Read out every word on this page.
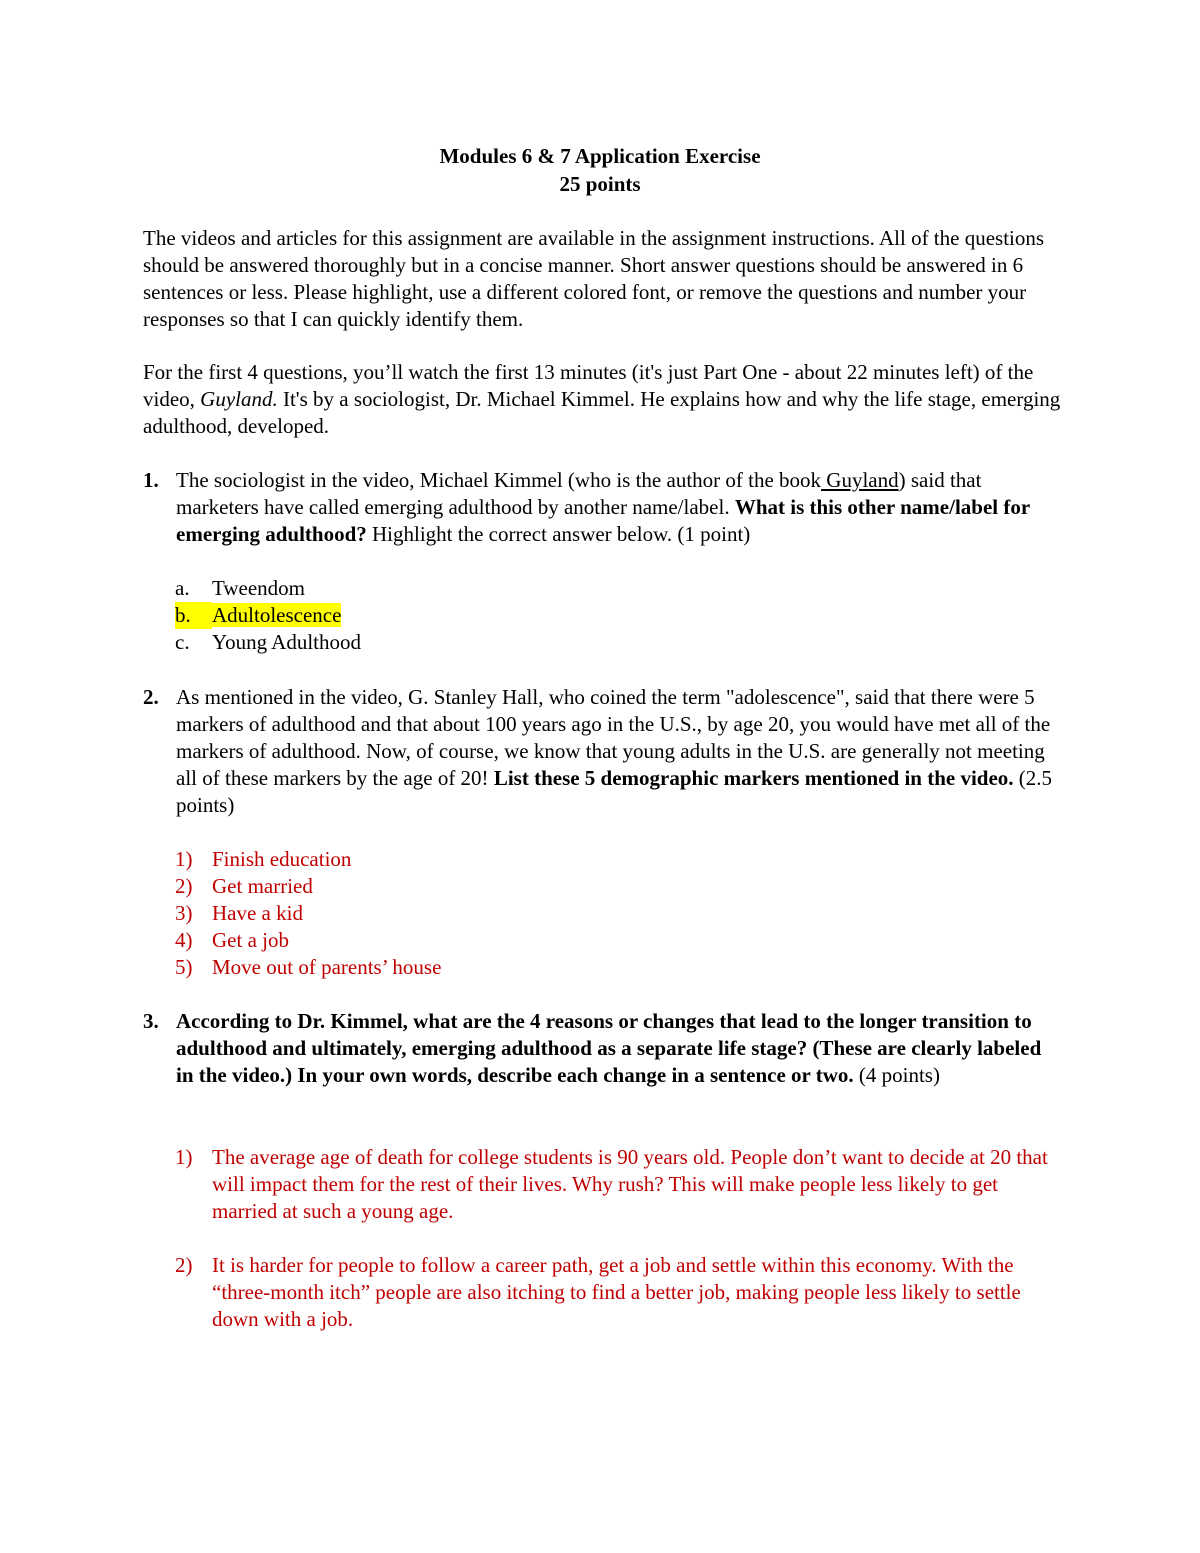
Modules 6 & 7 Application Exercise
25 points

The videos and articles for this assignment are available in the assignment instructions. All of the questions should be answered thoroughly but in a concise manner. Short answer questions should be answered in 6 sentences or less. Please highlight, use a different colored font, or remove the questions and number your responses so that I can quickly identify them.

For the first 4 questions, you’ll watch the first 13 minutes (it's just Part One - about 22 minutes left) of the video, Guyland. It's by a sociologist, Dr. Michael Kimmel. He explains how and why the life stage, emerging adulthood, developed.

1. The sociologist in the video, Michael Kimmel (who is the author of the book Guyland) said that marketers have called emerging adulthood by another name/label. What is this other name/label for emerging adulthood? Highlight the correct answer below. (1 point)
a. Tweendom
b.	Adultolescence
c. Young Adulthood
2. As mentioned in the video, G. Stanley Hall, who coined the term "adolescence", said that there were 5 markers of adulthood and that about 100 years ago in the U.S., by age 20, you would have met all of the markers of adulthood. Now, of course, we know that young adults in the U.S. are generally not meeting all of these markers by the age of 20! List these 5 demographic markers mentioned in the video. (2.5 points)
1) Finish education
2) Get married
3) Have a kid
4) Get a job
5) Move out of parents’ house
3. According to Dr. Kimmel, what are the 4 reasons or changes that lead to the longer transition to adulthood and ultimately, emerging adulthood as a separate life stage? (These are clearly labeled in the video.) In your own words, describe each change in a sentence or two. (4 points)
1) The average age of death for college students is 90 years old. People don’t want to decide at 20 that will impact them for the rest of their lives. Why rush? This will make people less likely to get married at such a young age.
2) It is harder for people to follow a career path, get a job and settle within this economy. With the “three-month itch” people are also itching to find a better job, making people less likely to settle down with a job.
